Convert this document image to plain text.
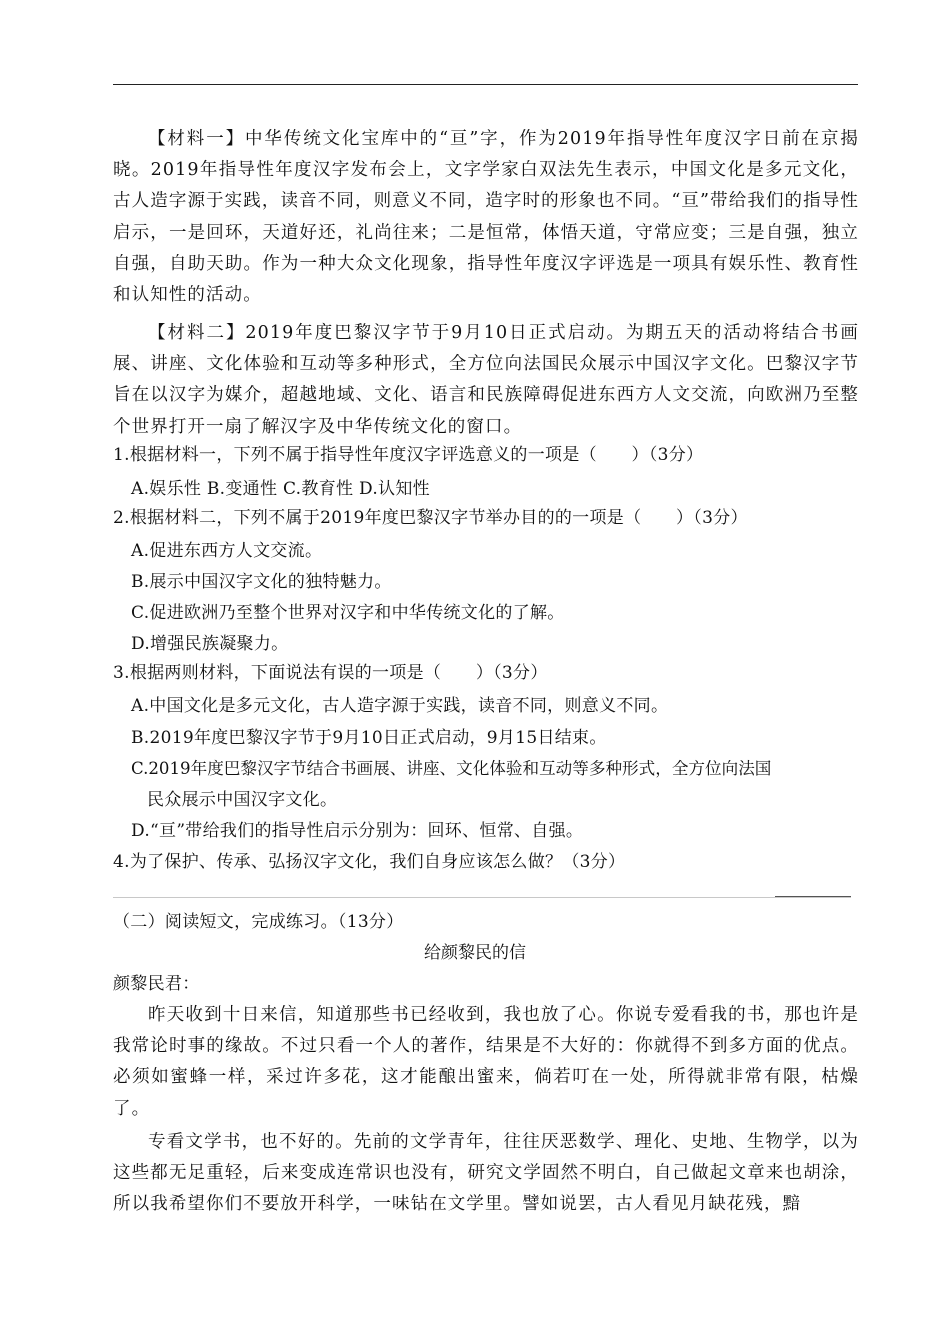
【材料一】中华传统文化宝库中的“亘”字，作为2019年指导性年度汉字日前在京揭晓。2019年指导性年度汉字发布会上，文字学家白双法先生表示，中国文化是多元文化，古人造字源于实践，读音不同，则意义不同，造字时的形象也不同。“亘”带给我们的指导性启示，一是回环，天道好还，礼尚往来；二是恒常，体悟天道，守常应变；三是自强，独立自强，自助天助。作为一种大众文化现象，指导性年度汉字评选是一项具有娱乐性、教育性和认知性的活动。
【材料二】2019年度巴黎汉字节于9月10日正式启动。为期五天的活动将结合书画展、讲座、文化体验和互动等多种形式，全方位向法国民众展示中国汉字文化。巴黎汉字节旨在以汉字为媒介，超越地域、文化、语言和民族障碍促进东西方人文交流，向欧洲乃至整个世界打开一扇了解汉字及中华传统文化的窗口。
1.根据材料一，下列不属于指导性年度汉字评选意义的一项是（　　）（3分）
A.娱乐性 B.变通性 C.教育性 D.认知性
2.根据材料二，下列不属于2019年度巴黎汉字节举办目的的一项是（　　）（3分）
A.促进东西方人文交流。
B.展示中国汉字文化的独特魅力。
C.促进欧洲乃至整个世界对汉字和中华传统文化的了解。
D.增强民族凝聚力。
3.根据两则材料，下面说法有误的一项是（　　）（3分）
A.中国文化是多元文化，古人造字源于实践，读音不同，则意义不同。
B.2019年度巴黎汉字节于9月10日正式启动，9月15日结束。
C.2019年度巴黎汉字节结合书画展、讲座、文化体验和互动等多种形式，全方位向法国
民众展示中国汉字文化。
D.“亘”带给我们的指导性启示分别为：回环、恒常、自强。
4.为了保护、传承、弘扬汉字文化，我们自身应该怎么做？（3分）
（二）阅读短文，完成练习。（13分）
给颜黎民的信
颜黎民君：
昨天收到十日来信，知道那些书已经收到，我也放了心。你说专爱看我的书，那也许是我常论时事的缘故。不过只看一个人的著作，结果是不大好的：你就得不到多方面的优点。必须如蜜蜂一样，采过许多花，这才能酿出蜜来，倘若叮在一处，所得就非常有限，枯燥了。
专看文学书，也不好的。先前的文学青年，往往厌恶数学、理化、史地、生物学，以为这些都无足重轻，后来变成连常识也没有，研究文学固然不明白，自己做起文章来也胡涂，所以我希望你们不要放开科学，一味钻在文学里。譬如说罢，古人看见月缺花残，黯
